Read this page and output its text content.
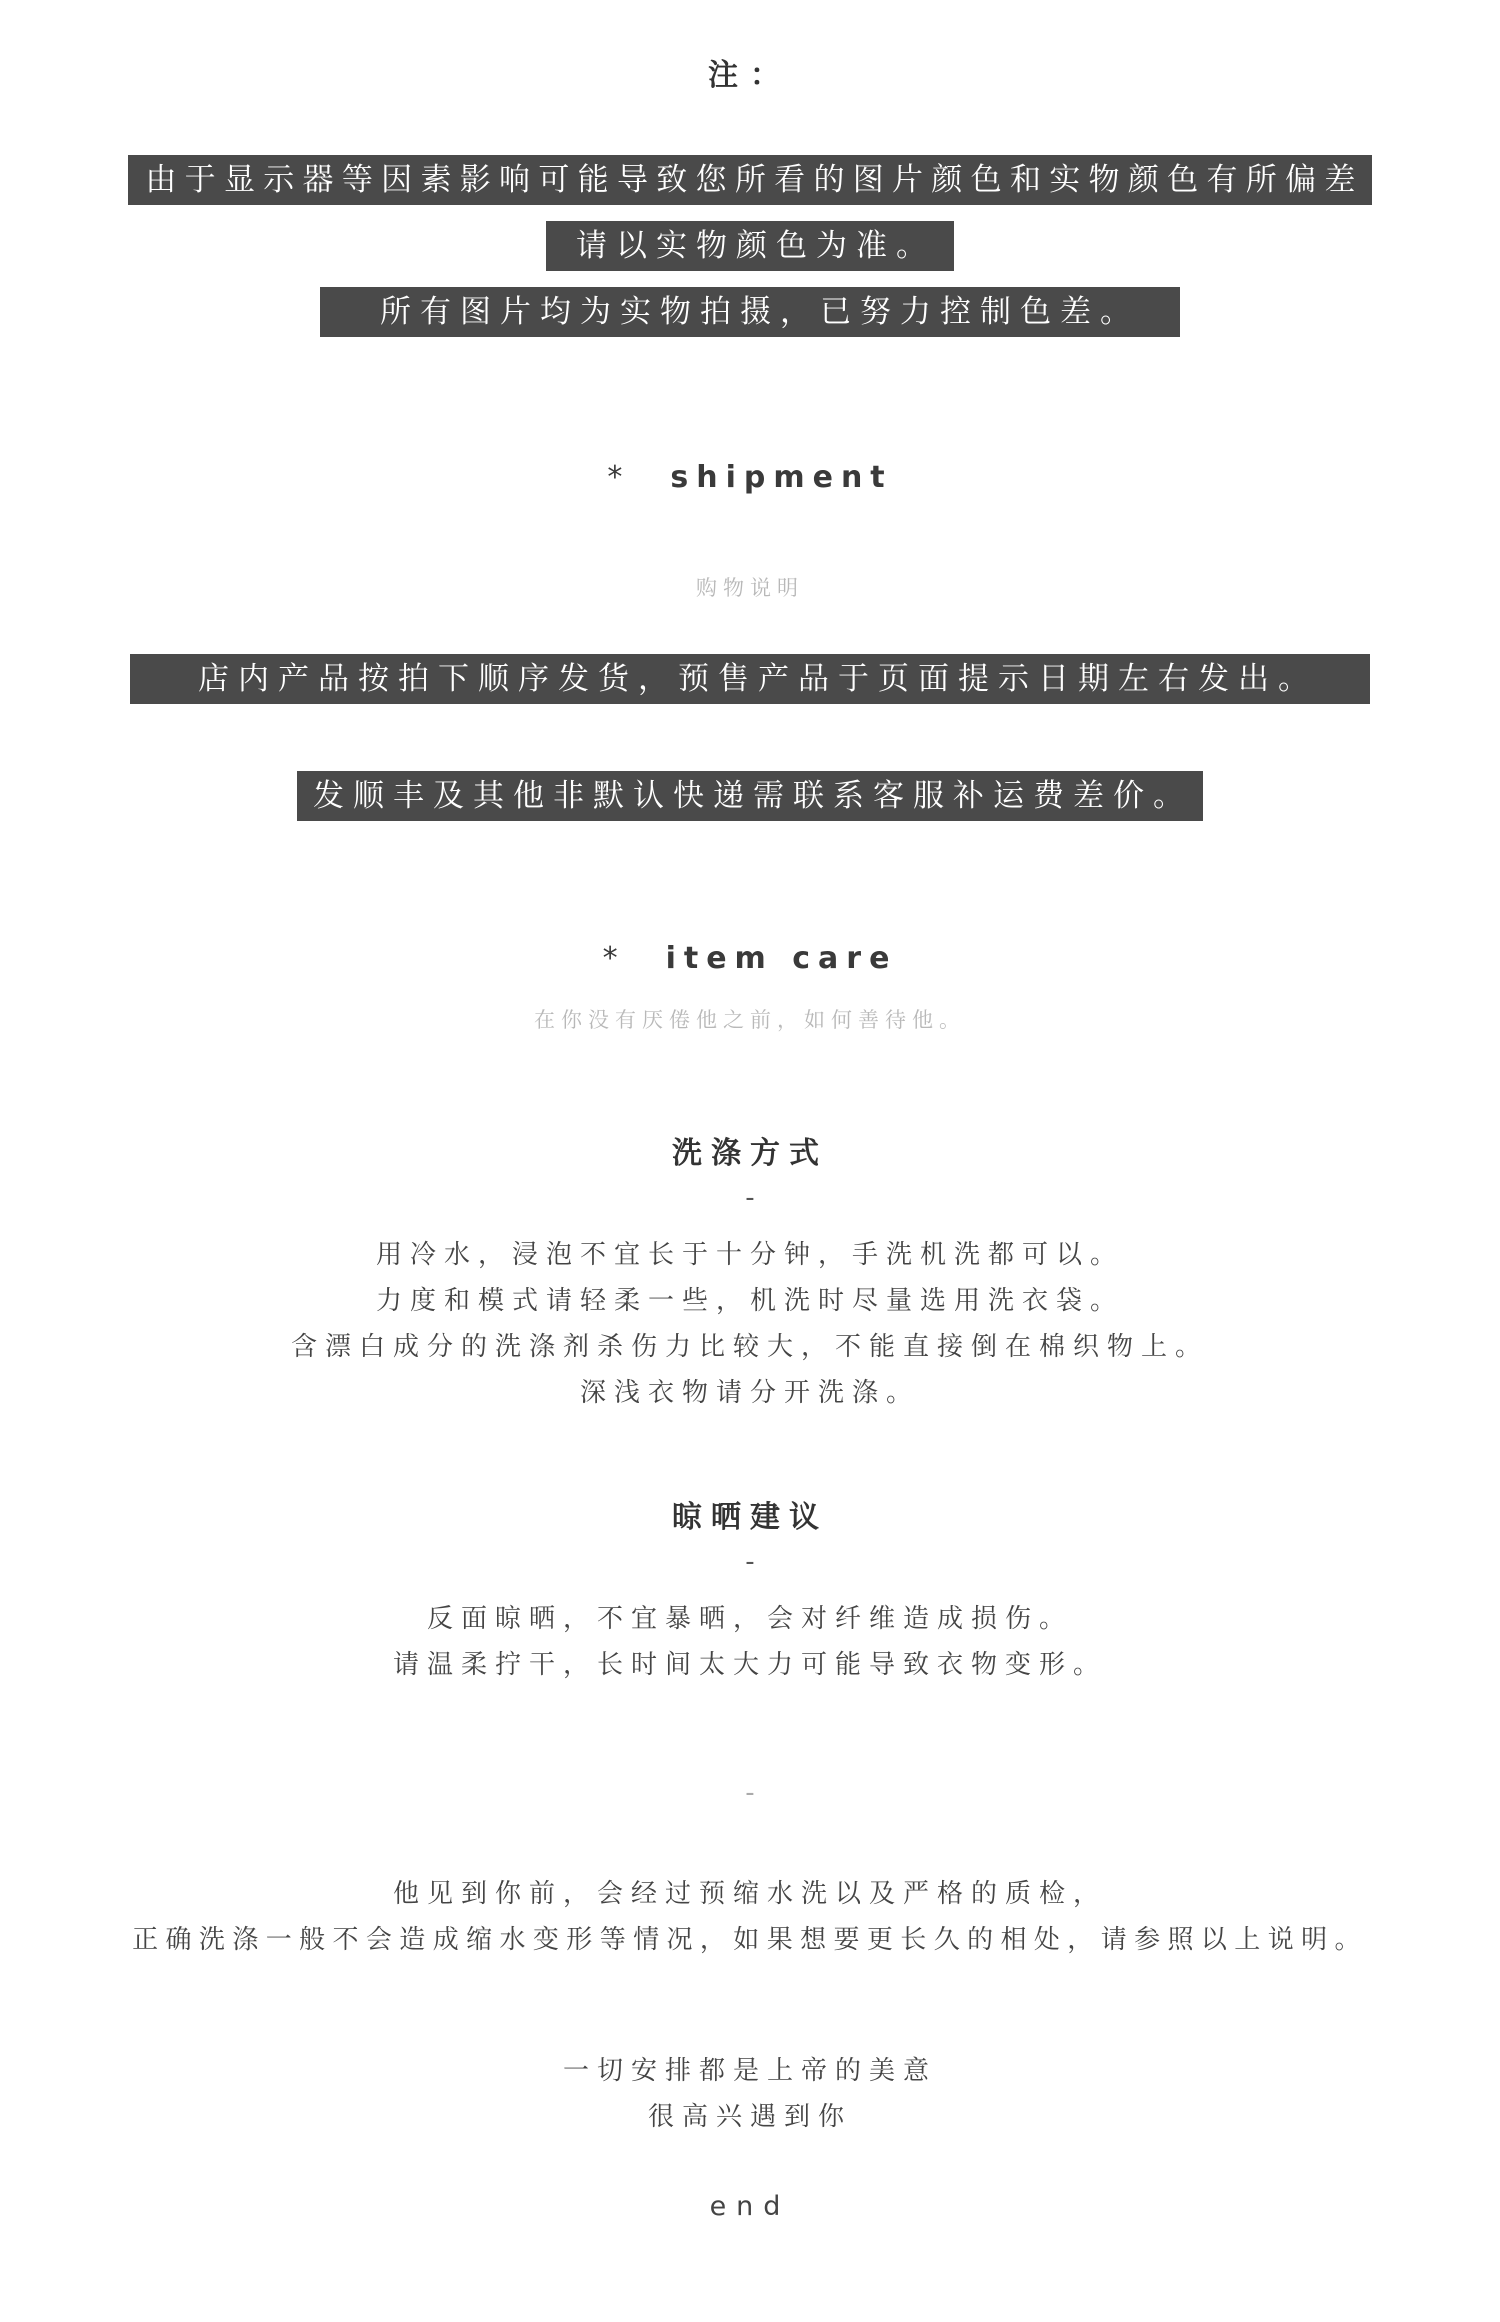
注：
由于显示器等因素影响可能导致您所看的图片颜色和实物颜色有所偏差
请以实物颜色为准。
所有图片均为实物拍摄，已努力控制色差。
* shipment
购物说明
店内产品按拍下顺序发货，预售产品于页面提示日期左右发出。
发顺丰及其他非默认快递需联系客服补运费差价。
* item care
在你没有厌倦他之前，如何善待他。
洗涤方式
-
用冷水，浸泡不宜长于十分钟，手洗机洗都可以。
力度和模式请轻柔一些，机洗时尽量选用洗衣袋。
含漂白成分的洗涤剂杀伤力比较大，不能直接倒在棉织物上。
深浅衣物请分开洗涤。
晾晒建议
-
反面晾晒，不宜暴晒，会对纤维造成损伤。
请温柔拧干，长时间太大力可能导致衣物变形。
-
他见到你前，会经过预缩水洗以及严格的质检，
正确洗涤一般不会造成缩水变形等情况，如果想要更长久的相处，请参照以上说明。
一切安排都是上帝的美意
很高兴遇到你
end
